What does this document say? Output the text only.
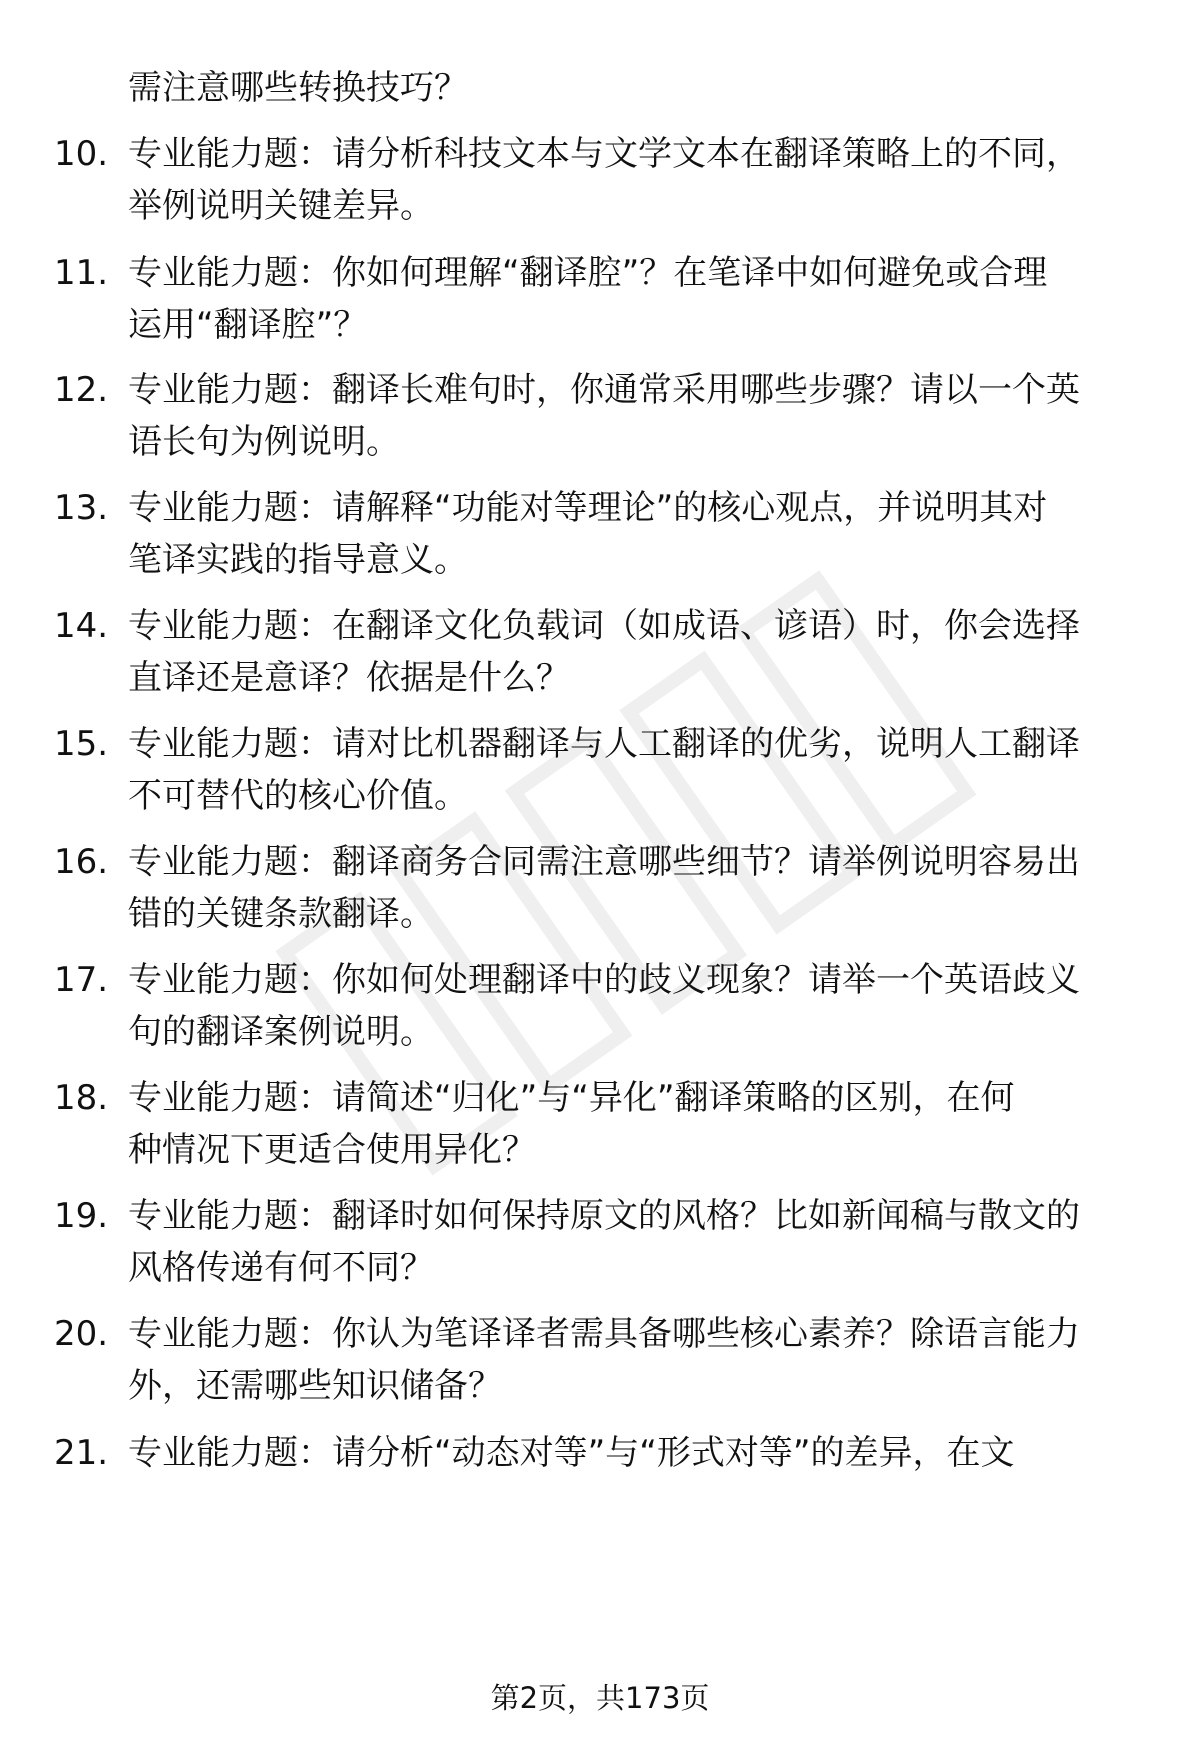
需注意哪些转换技巧？

10. 专业能力题：请分析科技文本与文学文本在翻译策略上的不同，

举例说明关键差异。

11. 专业能力题：你如何理解“翻译腔”？在笔译中如何避免或合理

运用“翻译腔”？

12. 专业能力题：翻译长难句时，你通常采用哪些步骤？请以一个英

语长句为例说明。

13. 专业能力题：请解释“功能对等理论”的核心观点，并说明其对

笔译实践的指导意义。

14. 专业能力题：在翻译文化负载词（如成语、谚语）时，你会选择

直译还是意译？依据是什么？

15. 专业能力题：请对比机器翻译与人工翻译的优劣，说明人工翻译

不可替代的核心价值。

16. 专业能力题：翻译商务合同需注意哪些细节？请举例说明容易出

错的关键条款翻译。

17. 专业能力题：你如何处理翻译中的歧义现象？请举一个英语歧义

句的翻译案例说明。

18. 专业能力题：请简述“归化”与“异化”翻译策略的区别，在何

种情况下更适合使用异化？

19. 专业能力题：翻译时如何保持原文的风格？比如新闻稿与散文的

风格传递有何不同？

20. 专业能力题：你认为笔译译者需具备哪些核心素养？除语言能力

外，还需哪些知识储备？

21. 专业能力题：请分析“动态对等”与“形式对等”的差异，在文

第2页，共173页
